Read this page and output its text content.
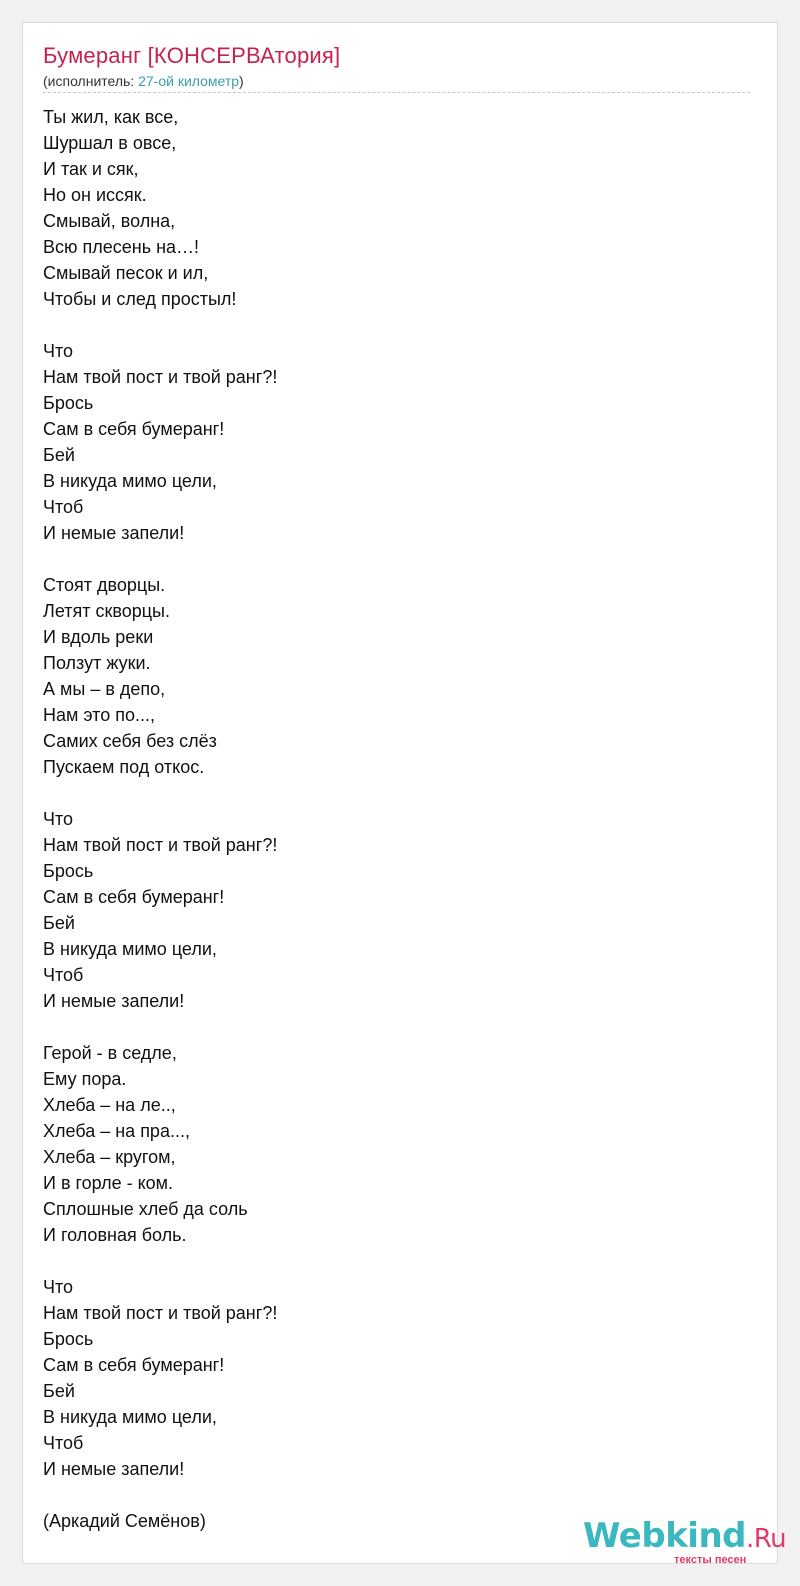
Бумеранг [КОНСЕРВАтория]
(исполнитель: 27-ой километр)
Ты жил, как все,
Шуршал в овсе,
И так и сяк,
Но он иссяк.
Смывай, волна,
Всю плесень на…!
Смывай песок и ил,
Чтобы и след простыл!
Что
Нам твой пост и твой ранг?!
Брось
Сам в себя бумеранг!
Бей
В никуда мимо цели,
Чтоб
И немые запели!
Стоят дворцы.
Летят скворцы.
И вдоль реки
Ползут жуки.
А мы – в депо,
Нам это по...,
Самих себя без слёз
Пускаем под откос.
Что
Нам твой пост и твой ранг?!
Брось
Сам в себя бумеранг!
Бей
В никуда мимо цели,
Чтоб
И немые запели!
Герой - в седле,
Ему пора.
Хлеба – на ле..,
Хлеба – на пра...,
Хлеба – кругом,
И в горле - ком.
Сплошные хлеб да соль
И головная боль.
Что
Нам твой пост и твой ранг?!
Брось
Сам в себя бумеранг!
Бей
В никуда мимо цели,
Чтоб
И немые запели!
(Аркадий Семёнов)	Webkind.Ru
тексты песен
